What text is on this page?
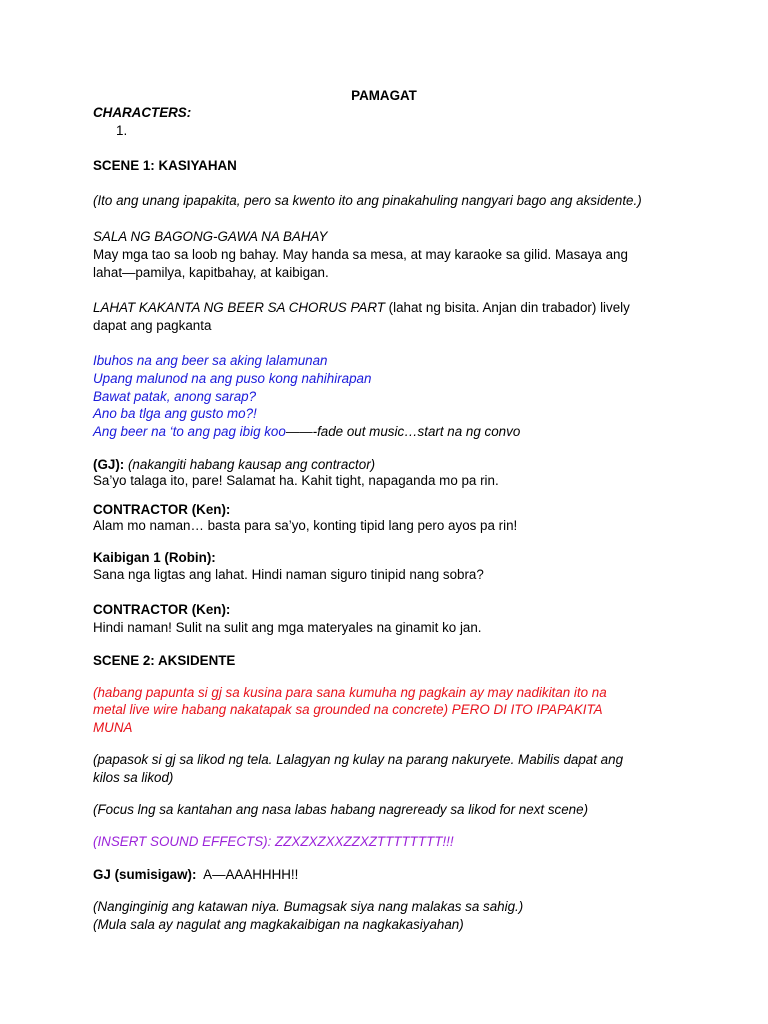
PAMAGAT
CHARACTERS:
1.
SCENE 1: KASIYAHAN
(Ito ang unang ipapakita, pero sa kwento ito ang pinakahuling nangyari bago ang aksidente.)
SALA NG BAGONG-GAWA NA BAHAY
May mga tao sa loob ng bahay. May handa sa mesa, at may karaoke sa gilid. Masaya ang
lahat—pamilya, kapitbahay, at kaibigan.
LAHAT KAKANTA NG BEER SA CHORUS PART (lahat ng bisita. Anjan din trabador) lively
dapat ang pagkanta
Ibuhos na ang beer sa aking lalamunan
Upang malunod na ang puso kong nahihirapan
Bawat patak, anong sarap?
Ano ba tlga ang gusto mo?!
Ang beer na ‘to ang pag ibig koo——-fade out music…start na ng convo
(GJ): (nakangiti habang kausap ang contractor)
Sa’yo talaga ito, pare! Salamat ha. Kahit tight, napaganda mo pa rin.
CONTRACTOR (Ken):
Alam mo naman… basta para sa’yo, konting tipid lang pero ayos pa rin!
Kaibigan 1 (Robin):
Sana nga ligtas ang lahat. Hindi naman siguro tinipid nang sobra?
CONTRACTOR (Ken):
Hindi naman! Sulit na sulit ang mga materyales na ginamit ko jan.
SCENE 2: AKSIDENTE
(habang papunta si gj sa kusina para sana kumuha ng pagkain ay may nadikitan ito na
metal live wire habang nakatapak sa grounded na concrete) PERO DI ITO IPAPAKITA
MUNA
(papasok si gj sa likod ng tela. Lalagyan ng kulay na parang nakuryete. Mabilis dapat ang
kilos sa likod)
(Focus lng sa kantahan ang nasa labas habang nagreready sa likod for next scene)
(INSERT SOUND EFFECTS): ZZXZXZXXZZXZTTTTTTTT!!!
GJ (sumisigaw):  A—AAAHHHH!!
(Nanginginig ang katawan niya. Bumagsak siya nang malakas sa sahig.)
(Mula sala ay nagulat ang magkakaibigan na nagkakasiyahan)
